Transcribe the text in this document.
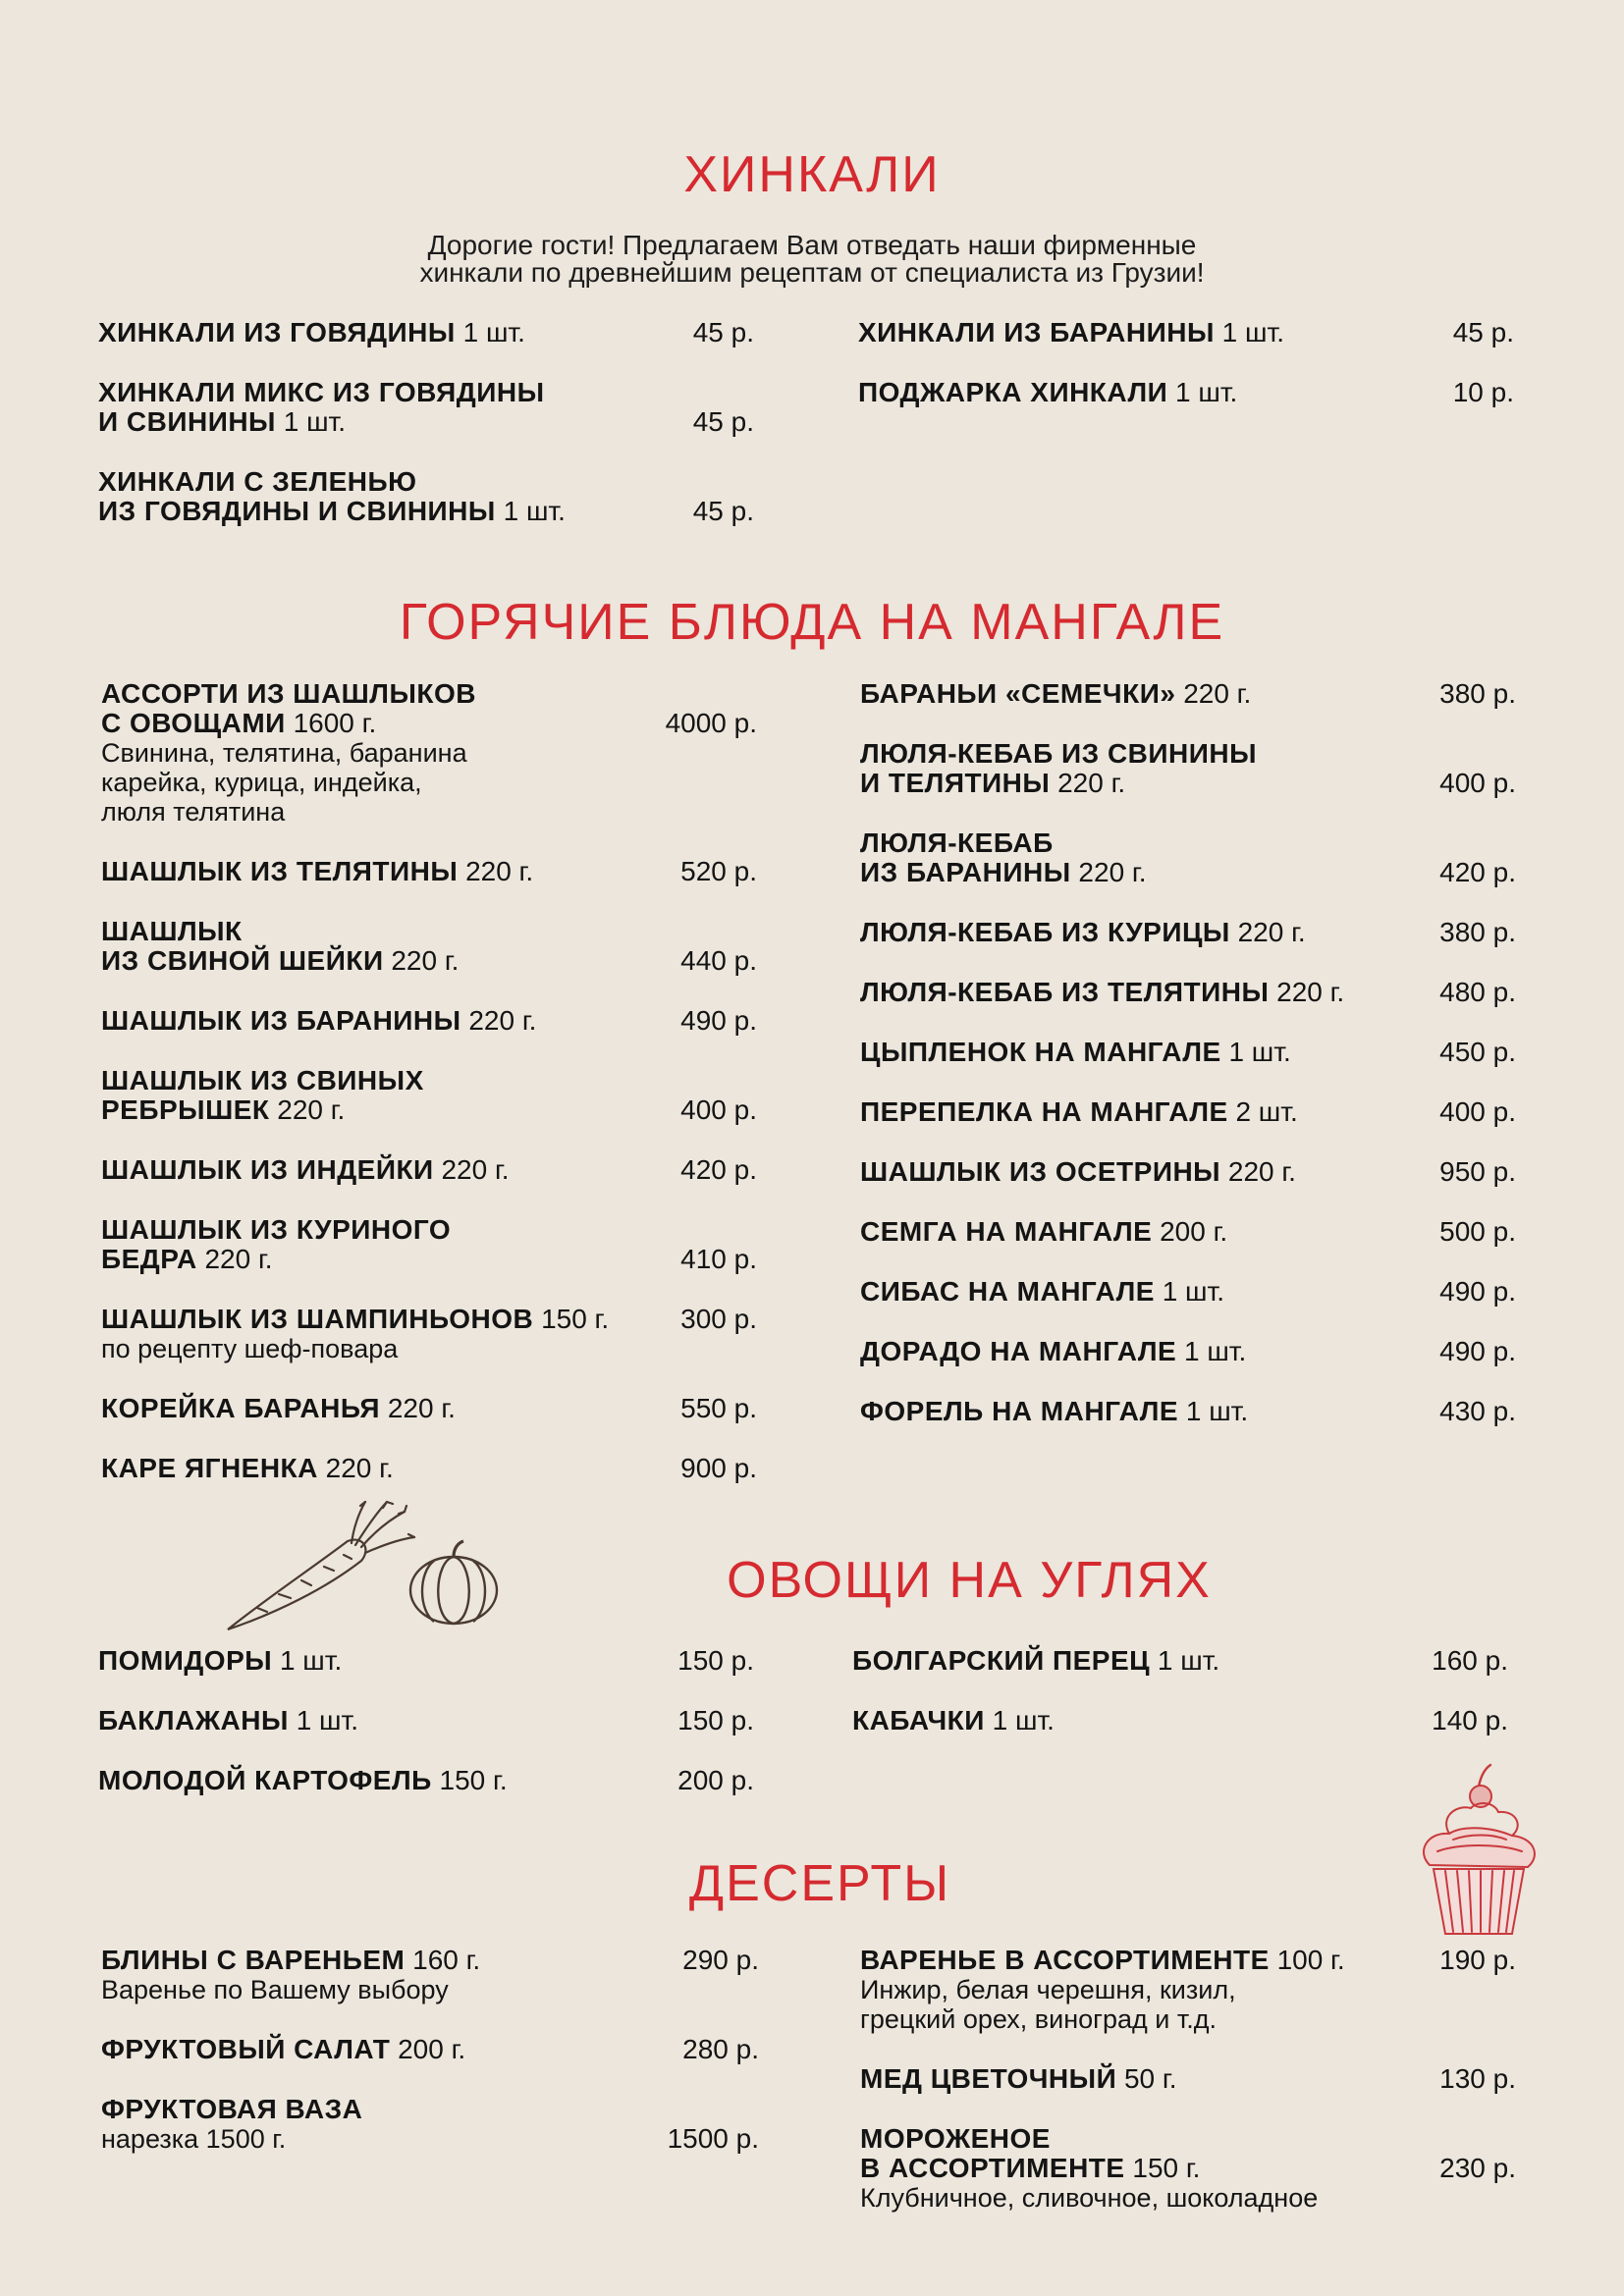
ХИНКАЛИ
Дорогие гости! Предлагаем Вам отведать наши фирменные
хинкали по древнейшим рецептам от специалиста из Грузии!
ХИНКАЛИ ИЗ ГОВЯДИНЫ 1 шт.	45 р.
ХИНКАЛИ МИКС ИЗ ГОВЯДИНЫ
И СВИНИНЫ 1 шт.	45 р.
ХИНКАЛИ С ЗЕЛЕНЬЮ
ИЗ ГОВЯДИНЫ И СВИНИНЫ 1 шт.	45 р.
ХИНКАЛИ ИЗ БАРАНИНЫ 1 шт.	45 р.
ПОДЖАРКА ХИНКАЛИ 1 шт.	10 р.
ГОРЯЧИЕ БЛЮДА НА МАНГАЛЕ
АССОРТИ ИЗ ШАШЛЫКОВ
С ОВОЩАМИ 1600 г.
Свинина, телятина, баранина
карейка, курица, индейка,
люля телятина
4000 р.
ШАШЛЫК ИЗ ТЕЛЯТИНЫ 220 г.	520 р.
ШАШЛЫК
ИЗ СВИНОЙ ШЕЙКИ 220 г.	440 р.
ШАШЛЫК ИЗ БАРАНИНЫ 220 г.	490 р.
ШАШЛЫК ИЗ СВИНЫХ
РЕБРЫШЕК 220 г.	400 р.
ШАШЛЫК ИЗ ИНДЕЙКИ 220 г.	420 р.
ШАШЛЫК ИЗ КУРИНОГО
БЕДРА 220 г.	410 р.
ШАШЛЫК ИЗ ШАМПИНЬОНОВ 150 г.
по рецепту шеф-повара
300 р.
КОРЕЙКА БАРАНЬЯ 220 г.	550 р.
КАРЕ ЯГНЕНКА 220 г.	900 р.
БАРАНЬИ «СЕМЕЧКИ» 220 г.	380 р.
ЛЮЛЯ-КЕБАБ ИЗ СВИНИНЫ
И ТЕЛЯТИНЫ 220 г.	400 р.
ЛЮЛЯ-КЕБАБ
ИЗ БАРАНИНЫ 220 г.	420 р.
ЛЮЛЯ-КЕБАБ ИЗ КУРИЦЫ 220 г.	380 р.
ЛЮЛЯ-КЕБАБ ИЗ ТЕЛЯТИНЫ 220 г.	480 р.
ЦЫПЛЕНОК НА МАНГАЛЕ 1 шт.	450 р.
ПЕРЕПЕЛКА НА МАНГАЛЕ 2 шт.	400 р.
ШАШЛЫК ИЗ ОСЕТРИНЫ 220 г.	950 р.
СЕМГА НА МАНГАЛЕ 200 г.	500 р.
СИБАС НА МАНГАЛЕ 1 шт.	490 р.
ДОРАДО НА МАНГАЛЕ 1 шт.	490 р.
ФОРЕЛЬ НА МАНГАЛЕ 1 шт.	430 р.
ОВОЩИ НА УГЛЯХ
ПОМИДОРЫ 1 шт.	150 р.
БАКЛАЖАНЫ 1 шт.	150 р.
МОЛОДОЙ КАРТОФЕЛЬ 150 г.	200 р.
БОЛГАРСКИЙ ПЕРЕЦ 1 шт.	160 р.
КАБАЧКИ 1 шт.	140 р.
ДЕСЕРТЫ
БЛИНЫ С ВАРЕНЬЕМ 160 г.
Варенье по Вашему выбору
290 р.
ФРУКТОВЫЙ САЛАТ 200 г.	280 р.
ФРУКТОВАЯ ВАЗА
нарезка 1500 г.	1500 р.
ВАРЕНЬЕ В АССОРТИМЕНТЕ 100 г.
Инжир, белая черешня, кизил,
грецкий орех, виноград и т.д.
190 р.
МЕД ЦВЕТОЧНЫЙ 50 г.	130 р.
МОРОЖЕНОЕ
В АССОРТИМЕНТЕ 150 г.
Клубничное, сливочное, шоколадное
230 р.
